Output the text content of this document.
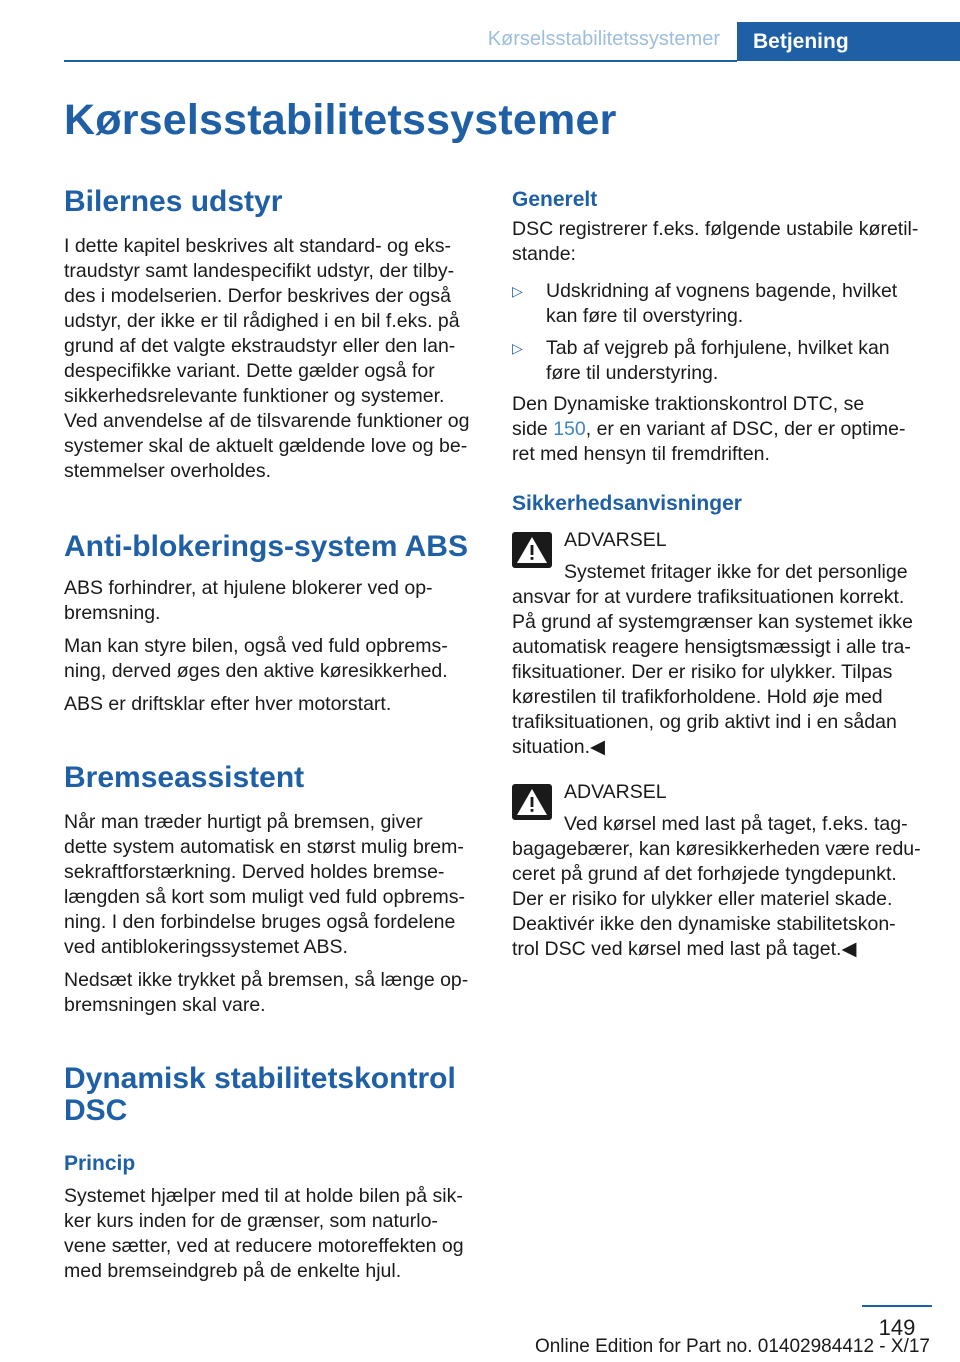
Kørselsstabilitetssystemer	Betjening
Kørselsstabilitetssystemer
Bilernes udstyr
I dette kapitel beskrives alt standard- og eks‐
traudstyr samt landespecifikt udstyr, der tilby‐
des i modelserien. Derfor beskrives der også
udstyr, der ikke er til rådighed i en bil f.eks. på
grund af det valgte ekstraudstyr eller den lan‐
despecifikke variant. Dette gælder også for
sikkerhedsrelevante funktioner og systemer.
Ved anvendelse af de tilsvarende funktioner og
systemer skal de aktuelt gældende love og be‐
stemmelser overholdes.
Anti-blokerings-system ABS
ABS forhindrer, at hjulene blokerer ved op‐
bremsning.
Man kan styre bilen, også ved fuld opbrems‐
ning, derved øges den aktive køresikkerhed.
ABS er driftsklar efter hver motorstart.
Bremseassistent
Når man træder hurtigt på bremsen, giver
dette system automatisk en størst mulig brem‐
sekraftforstærkning. Derved holdes bremse‐
længden så kort som muligt ved fuld opbrems‐
ning. I den forbindelse bruges også fordelene
ved antiblokeringssystemet ABS.
Nedsæt ikke trykket på bremsen, så længe op‐
bremsningen skal vare.
Dynamisk stabilitetskontrol
DSC
Princip
Systemet hjælper med til at holde bilen på sik‐
ker kurs inden for de grænser, som naturlo‐
vene sætter, ved at reducere motoreffekten og
med bremseindgreb på de enkelte hjul.
Generelt
DSC registrerer f.eks. følgende ustabile køretil‐
stande:
▷ Udskridning af vognens bagende, hvilket
kan føre til overstyring.
▷ Tab af vejgreb på forhjulene, hvilket kan
føre til understyring.
Den Dynamiske traktionskontrol DTC, se
side 150, er en variant af DSC, der er optime‐
ret med hensyn til fremdriften.
Sikkerhedsanvisninger
ADVARSEL
Systemet fritager ikke for det personlige
ansvar for at vurdere trafiksituationen korrekt.
På grund af systemgrænser kan systemet ikke
automatisk reagere hensigtsmæssigt i alle tra‐
fiksituationer. Der er risiko for ulykker. Tilpas
kørestilen til trafikforholdene. Hold øje med
trafiksituationen, og grib aktivt ind i en sådan
situation.◀
ADVARSEL
Ved kørsel med last på taget, f.eks. tag‐
bagagebærer, kan køresikkerheden være redu‐
ceret på grund af det forhøjede tyngdepunkt.
Der er risiko for ulykker eller materiel skade.
Deaktivér ikke den dynamiske stabilitetskon‐
trol DSC ved kørsel med last på taget.◀
149
Online Edition for Part no. 01402984412 - X/17
